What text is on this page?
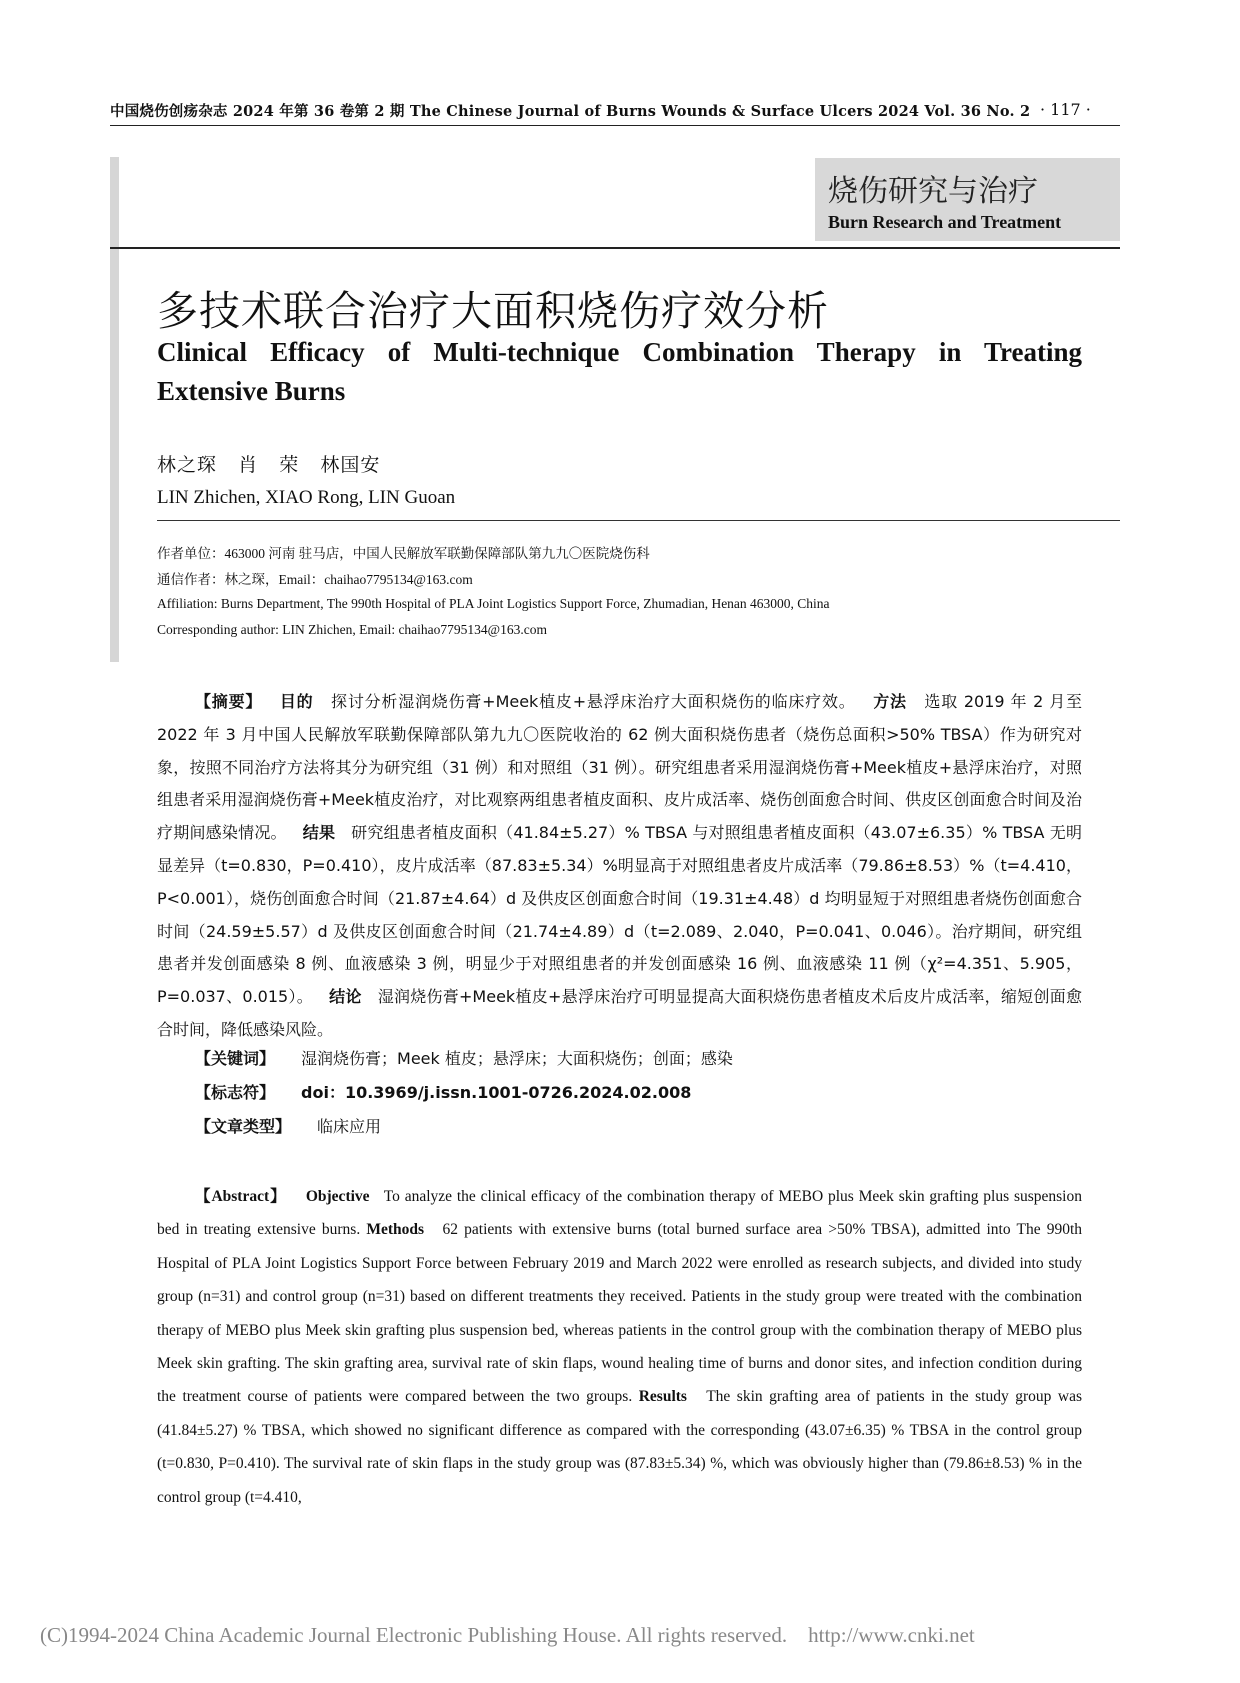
中国烧伤创疡杂志 2024 年第 36 卷第 2 期 The Chinese Journal of Burns Wounds & Surface Ulcers 2024 Vol. 36 No. 2 · 117 ·
烧伤研究与治疗
Burn Research and Treatment
多技术联合治疗大面积烧伤疗效分析
Clinical Efficacy of Multi-technique Combination Therapy in Treating Extensive Burns
林之琛   肖   荣   林国安
LIN Zhichen, XIAO Rong, LIN Guoan
作者单位：463000 河南 驻马店，中国人民解放军联勤保障部队第九九〇医院烧伤科
通信作者：林之琛，Email：chaihao7795134@163.com
Affiliation: Burns Department, The 990th Hospital of PLA Joint Logistics Support Force, Zhumadian, Henan 463000, China
Corresponding author: LIN Zhichen, Email: chaihao7795134@163.com
【摘要】 目的 探讨分析湿润烧伤膏+Meek植皮+悬浮床治疗大面积烧伤的临床疗效。 方法 选取 2019 年 2 月至 2022 年 3 月中国人民解放军联勤保障部队第九九〇医院收治的 62 例大面积烧伤患者（烧伤总面积>50% TBSA）作为研究对象，按照不同治疗方法将其分为研究组（31 例）和对照组（31 例）。研究组患者采用湿润烧伤膏+Meek植皮+悬浮床治疗，对照组患者采用湿润烧伤膏+Meek植皮治疗，对比观察两组患者植皮面积、皮片成活率、烧伤创面愈合时间、供皮区创面愈合时间及治疗期间感染情况。 结果 研究组患者植皮面积（41.84±5.27）% TBSA 与对照组患者植皮面积（43.07±6.35）% TBSA 无明显差异（t=0.830，P=0.410），皮片成活率（87.83±5.34）%明显高于对照组患者皮片成活率（79.86±8.53）%（t=4.410，P<0.001），烧伤创面愈合时间（21.87±4.64）d 及供皮区创面愈合时间（19.31±4.48）d 均明显短于对照组患者烧伤创面愈合时间（24.59±5.57）d 及供皮区创面愈合时间（21.74±4.89）d（t=2.089、2.040，P=0.041、0.046）。治疗期间，研究组患者并发创面感染 8 例、血液感染 3 例，明显少于对照组患者的并发创面感染 16 例、血液感染 11 例（χ²=4.351、5.905，P=0.037、0.015）。 结论 湿润烧伤膏+Meek植皮+悬浮床治疗可明显提高大面积烧伤患者植皮术后皮片成活率，缩短创面愈合时间，降低感染风险。
【关键词】 湿润烧伤膏；Meek 植皮；悬浮床；大面积烧伤；创面；感染
【标志符】 doi：10.3969/j.issn.1001-0726.2024.02.008
【文章类型】 临床应用
【Abstract】 Objective To analyze the clinical efficacy of the combination therapy of MEBO plus Meek skin grafting plus suspension bed in treating extensive burns. Methods 62 patients with extensive burns (total burned surface area >50% TBSA), admitted into The 990th Hospital of PLA Joint Logistics Support Force between February 2019 and March 2022 were enrolled as research subjects, and divided into study group (n=31) and control group (n=31) based on different treatments they received. Patients in the study group were treated with the combination therapy of MEBO plus Meek skin grafting plus suspension bed, whereas patients in the control group with the combination therapy of MEBO plus Meek skin grafting. The skin grafting area, survival rate of skin flaps, wound healing time of burns and donor sites, and infection condition during the treatment course of patients were compared between the two groups. Results The skin grafting area of patients in the study group was (41.84±5.27) % TBSA, which showed no significant difference as compared with the corresponding (43.07±6.35) % TBSA in the control group (t=0.830, P=0.410). The survival rate of skin flaps in the study group was (87.83±5.34) %, which was obviously higher than (79.86±8.53) % in the control group (t=4.410,
(C)1994-2024 China Academic Journal Electronic Publishing House. All rights reserved.    http://www.cnki.net
